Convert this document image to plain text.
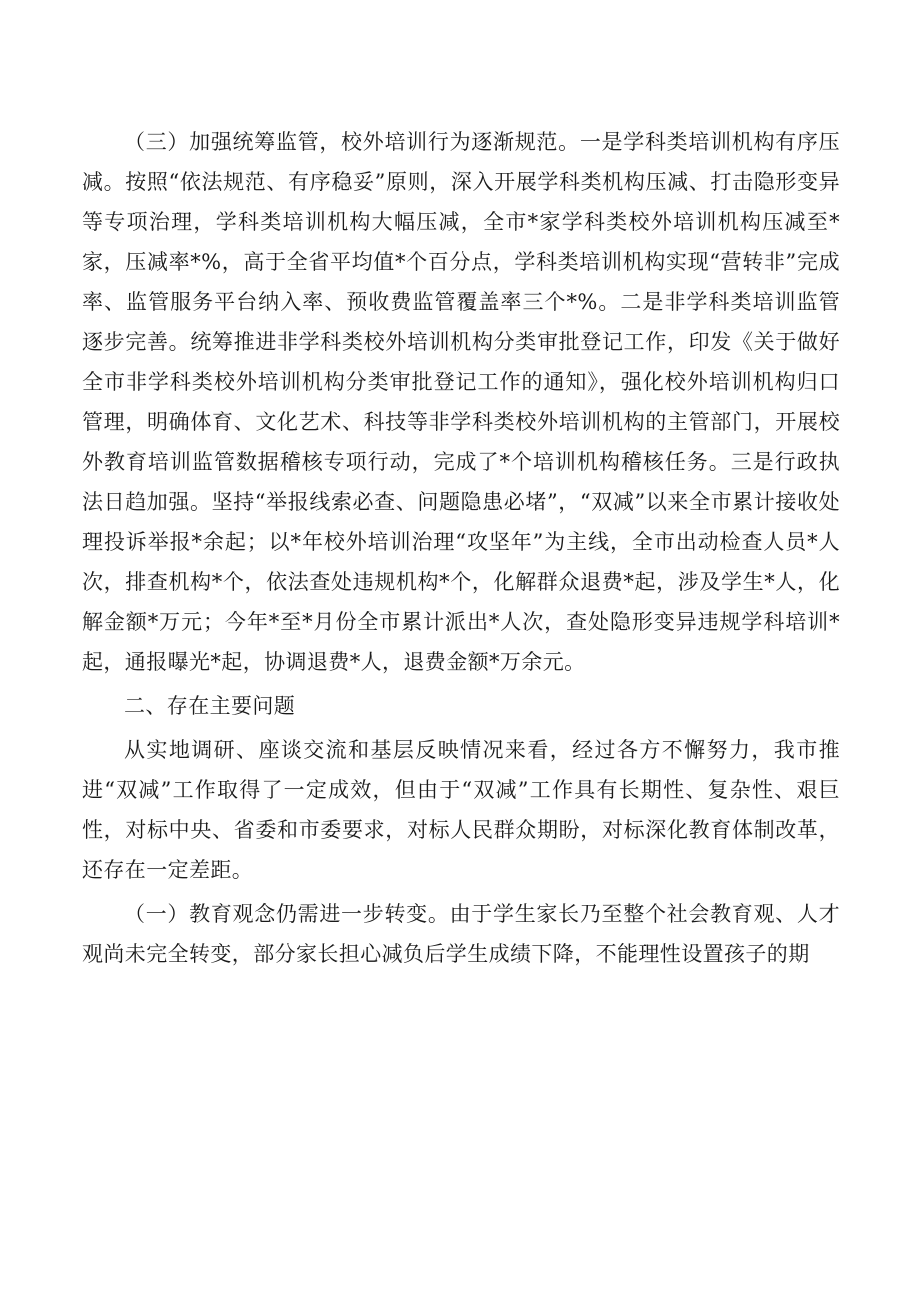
（三）加强统筹监管，校外培训行为逐渐规范。一是学科类培训机构有序压减。按照“依法规范、有序稳妥”原则，深入开展学科类机构压减、打击隐形变异等专项治理，学科类培训机构大幅压减，全市*家学科类校外培训机构压减至*家，压减率*%，高于全省平均值*个百分点，学科类培训机构实现“营转非”完成率、监管服务平台纳入率、预收费监管覆盖率三个*%。二是非学科类培训监管逐步完善。统筹推进非学科类校外培训机构分类审批登记工作，印发《关于做好全市非学科类校外培训机构分类审批登记工作的通知》，强化校外培训机构归口管理，明确体育、文化艺术、科技等非学科类校外培训机构的主管部门，开展校外教育培训监管数据稽核专项行动，完成了*个培训机构稽核任务。三是行政执法日趋加强。坚持“举报线索必查、问题隐患必堵”，“双减”以来全市累计接收处理投诉举报*余起；以*年校外培训治理“攻坚年”为主线，全市出动检查人员*人次，排查机构*个，依法查处违规机构*个，化解群众退费*起，涉及学生*人，化解金额*万元；今年*至*月份全市累计派出*人次，查处隐形变异违规学科培训*起，通报曝光*起，协调退费*人，退费金额*万余元。

二、存在主要问题

从实地调研、座谈交流和基层反映情况来看，经过各方不懈努力，我市推进“双减”工作取得了一定成效，但由于“双减”工作具有长期性、复杂性、艰巨性，对标中央、省委和市委要求，对标人民群众期盼，对标深化教育体制改革，还存在一定差距。

（一）教育观念仍需进一步转变。由于学生家长乃至整个社会教育观、人才观尚未完全转变，部分家长担心减负后学生成绩下降，不能理性设置孩子的期
